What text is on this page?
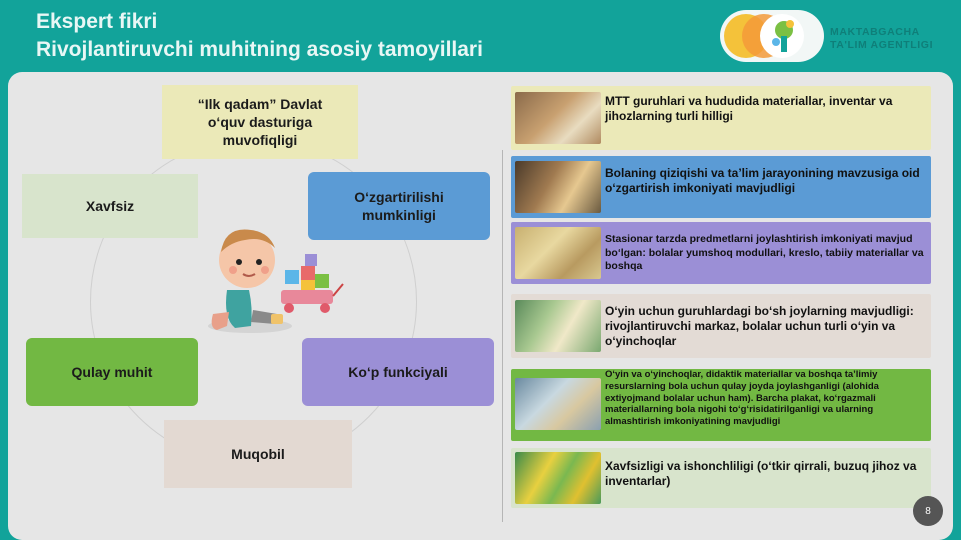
Ekspert fikri
Rivojlantiruvchi muhitning asosiy tamoyillari
MAKTABGACHA
TA'LIM AGENTLIGI
“Ilk qadam” Davlat o‘quv dasturiga muvofiqligi
Xavfsiz
O‘zgartirilishi mumkinligi
Qulay muhit	Ko‘p funkciyali
Muqobil
MTT guruhlari va hududida materiallar, inventar va jihozlarning turli hilligi
Bolaning qiziqishi va ta’lim jarayonining mavzusiga oid o‘zgartirish imkoniyati mavjudligi
Stasionar tarzda predmetlarni joylashtirish imkoniyati mavjud bo‘lgan: bolalar yumshoq modullari, kreslo, tabiiy materiallar va boshqa
O‘yin uchun guruhlardagi bo‘sh joylarning mavjudligi: rivojlantiruvchi markaz, bolalar uchun turli o‘yin va o‘yinchoqlar
O‘yin va o‘yinchoqlar, didaktik materiallar va boshqa ta’limiy resurslarning bola uchun qulay joyda joylashganligi (alohida extiyojmand bolalar uchun ham). Barcha plakat, ko‘rgazmali materiallarning bola nigohi to‘g‘risidatiriIganligi va ularning almashtirish imkoniyatining mavjudligi
Xavfsizligi va ishonchliligi (o‘tkir qirrali, buzuq jihoz va inventarlar)
8
